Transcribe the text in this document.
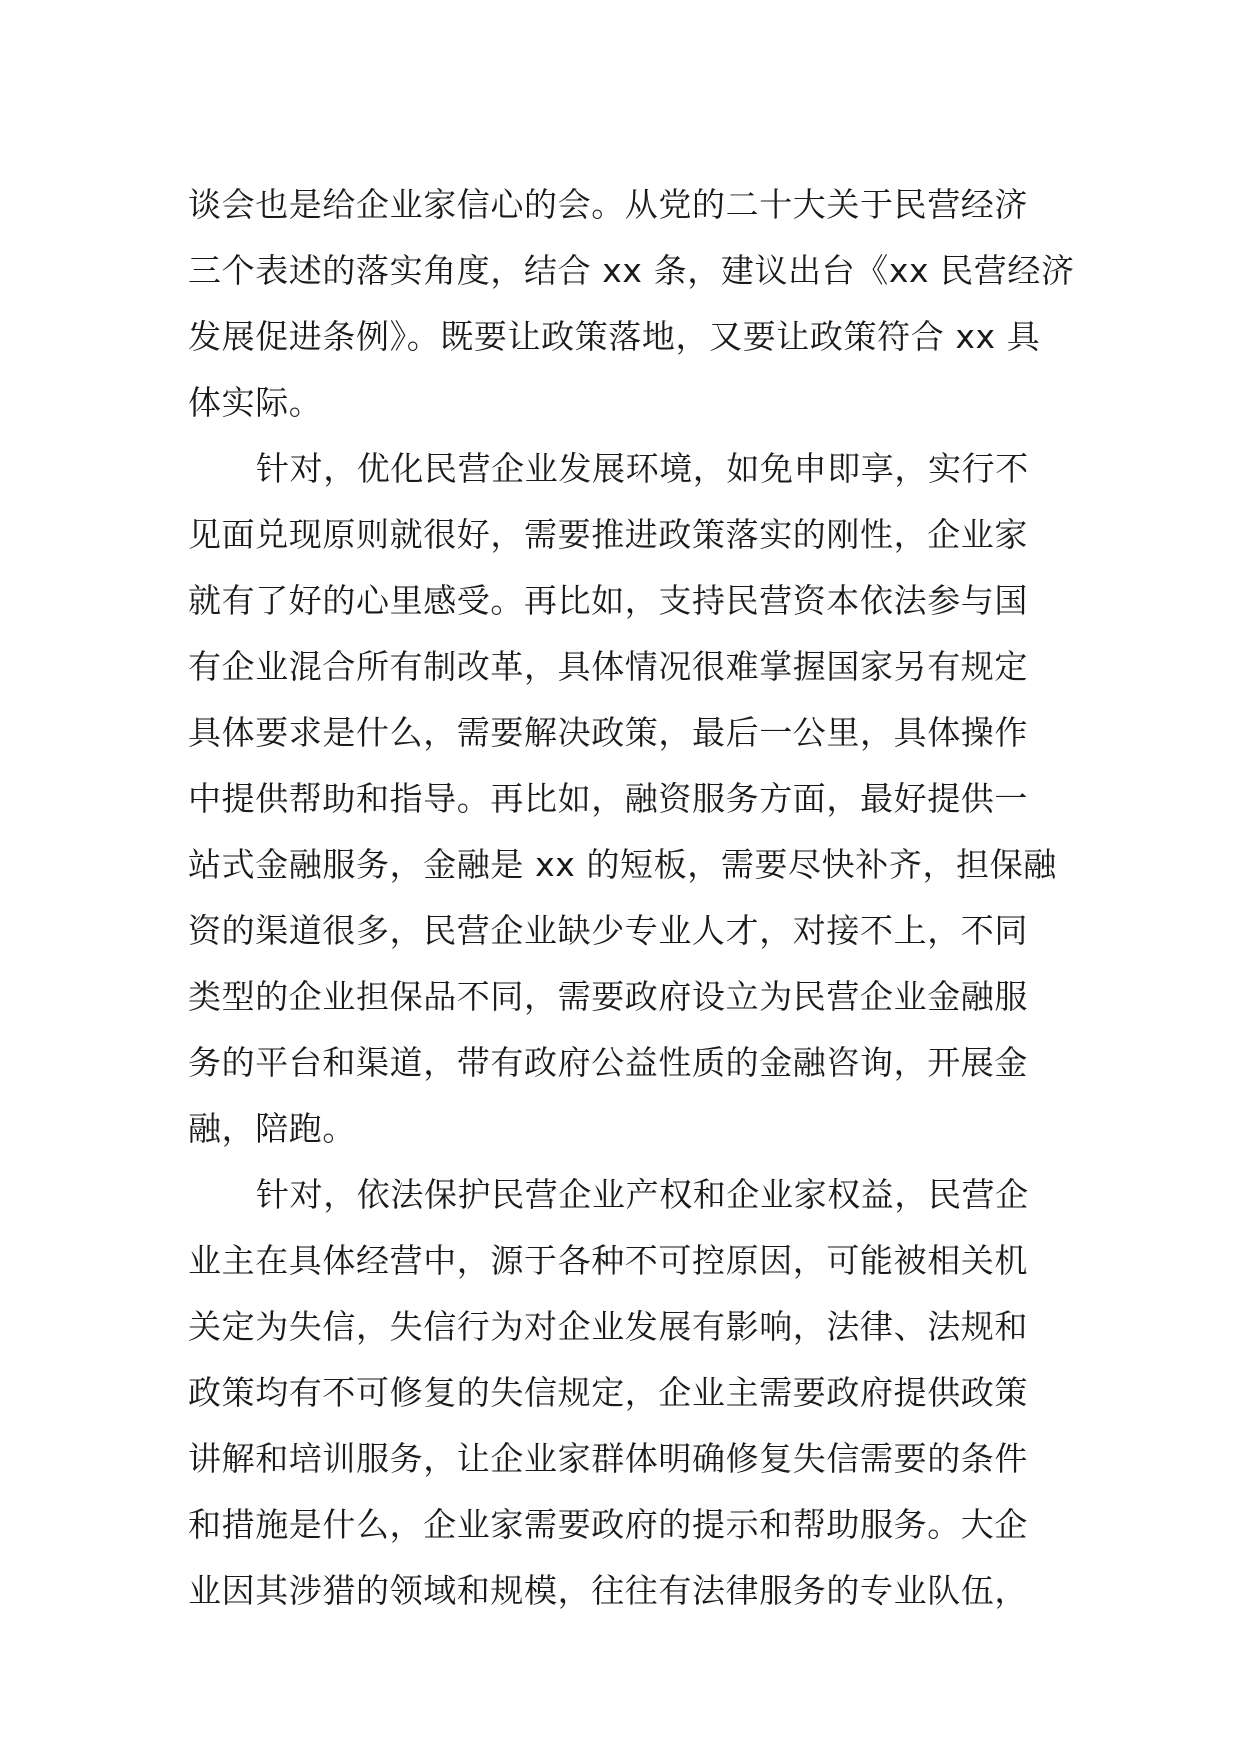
谈会也是给企业家信心的会。从党的二十大关于民营经济
三个表述的落实角度，结合 xx 条，建议出台《xx 民营经济
发展促进条例》。既要让政策落地，又要让政策符合 xx 具
体实际。
针对，优化民营企业发展环境，如免申即享，实行不
见面兑现原则就很好，需要推进政策落实的刚性，企业家
就有了好的心里感受。再比如，支持民营资本依法参与国
有企业混合所有制改革，具体情况很难掌握国家另有规定
具体要求是什么，需要解决政策，最后一公里，具体操作
中提供帮助和指导。再比如，融资服务方面，最好提供一
站式金融服务，金融是 xx 的短板，需要尽快补齐，担保融
资的渠道很多，民营企业缺少专业人才，对接不上，不同
类型的企业担保品不同，需要政府设立为民营企业金融服
务的平台和渠道，带有政府公益性质的金融咨询，开展金
融，陪跑。
针对，依法保护民营企业产权和企业家权益，民营企
业主在具体经营中，源于各种不可控原因，可能被相关机
关定为失信，失信行为对企业发展有影响，法律、法规和
政策均有不可修复的失信规定，企业主需要政府提供政策
讲解和培训服务，让企业家群体明确修复失信需要的条件
和措施是什么，企业家需要政府的提示和帮助服务。大企
业因其涉猎的领域和规模，往往有法律服务的专业队伍，
